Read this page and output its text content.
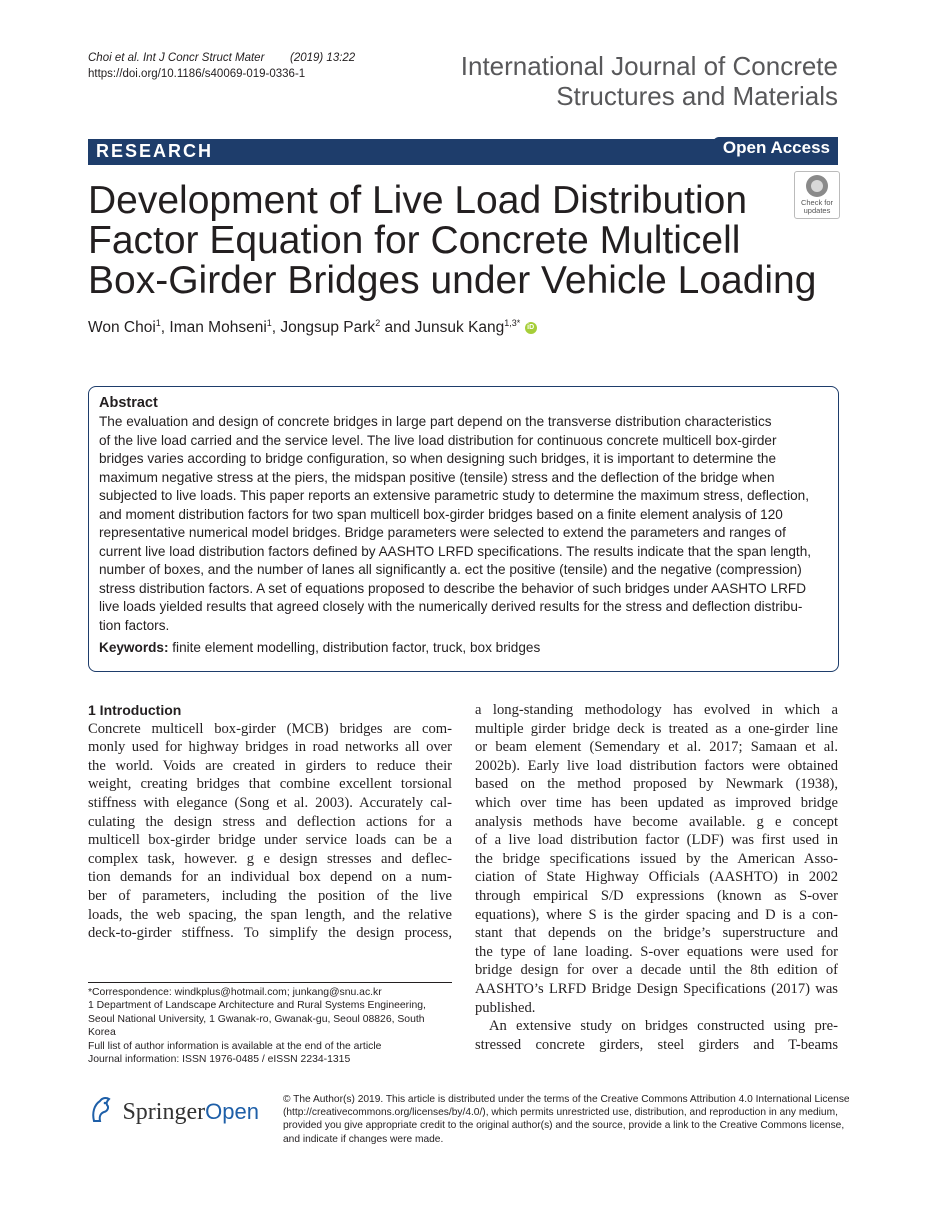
Choi et al. Int J Concr Struct Mater (2019) 13:22
https://doi.org/10.1186/s40069-019-0336-1	International Journal of Concrete
Structures and Materials
RESEARCH	Open Access
Development of Live Load Distribution
Factor Equation for Concrete Multicell
Box-Girder Bridges under Vehicle Loading
Check for
updates
Won Choi$^1$, Iman Mohseni$^1$, Jongsup Park$^2$ and Junsuk Kang$^{1,3*}$ iD
Abstract

The evaluation and design of concrete bridges in large part depend on the transverse distribution characteristics
of the live load carried and the service level. The live load distribution for continuous concrete multicell box-girder
bridges varies according to bridge configuration, so when designing such bridges, it is important to determine the
maximum negative stress at the piers, the midspan positive (tensile) stress and the deflection of the bridge when
subjected to live loads. This paper reports an extensive parametric study to determine the maximum stress, deflection,
and moment distribution factors for two span multicell box-girder bridges based on a finite element analysis of 120
representative numerical model bridges. Bridge parameters were selected to extend the parameters and ranges of
current live load distribution factors defined by AASHTO LRFD specifications. The results indicate that the span length,
number of boxes, and the number of lanes all significantly a. ect the positive (tensile) and the negative (compression)
stress distribution factors. A set of equations proposed to describe the behavior of such bridges under AASHTO LRFD
live loads yielded results that agreed closely with the numerically derived results for the stress and deflection distribu-
tion factors.

Keywords: finite element modelling, distribution factor, truck, box bridges
1 Introduction
Concrete multicell box-girder (MCB) bridges are com-
monly used for highway bridges in road networks all over
the world. Voids are created in girders to reduce their
weight, creating bridges that combine excellent torsional
stiffness with elegance (Song et al. 2003). Accurately cal-
culating the design stress and deflection actions for a
multicell box-girder bridge under service loads can be a
complex task, however. g e design stresses and deflec-
tion demands for an individual box depend on a num-
ber of parameters, including the position of the live
loads, the web spacing, the span length, and the relative
deck-to-girder stiffness. To simplify the design process,
a long-standing methodology has evolved in which a
multiple girder bridge deck is treated as a one-girder line
or beam element (Semendary et al. 2017; Samaan et al.
2002b). Early live load distribution factors were obtained
based on the method proposed by Newmark (1938),
which over time has been updated as improved bridge
analysis methods have become available. g e concept
of a live load distribution factor (LDF) was first used in
the bridge specifications issued by the American Asso-
ciation of State Highway Officials (AASHTO) in 2002
through empirical S/D expressions (known as S-over
equations), where S is the girder spacing and D is a con-
stant that depends on the bridge’s superstructure and
the type of lane loading. S-over equations were used for
bridge design for over a decade until the 8th edition of
AASHTO’s LRFD Bridge Design Specifications (2017) was
published.
An extensive study on bridges constructed using pre-
stressed concrete girders, steel girders and T-beams
*Correspondence: windkplus@hotmail.com; junkang@snu.ac.kr
1 Department of Landscape Architecture and Rural Systems Engineering,
Seoul National University, 1 Gwanak-ro, Gwanak-gu, Seoul 08826, South
Korea
Full list of author information is available at the end of the article
Journal information: ISSN 1976-0485 / eISSN 2234-1315
SpringerOpen © The Author(s) 2019. This article is distributed under the terms of the Creative Commons Attribution 4.0 International License
(http://creativecommons.org/licenses/by/4.0/), which permits unrestricted use, distribution, and reproduction in any medium,
provided you give appropriate credit to the original author(s) and the source, provide a link to the Creative Commons license,
and indicate if changes were made.
